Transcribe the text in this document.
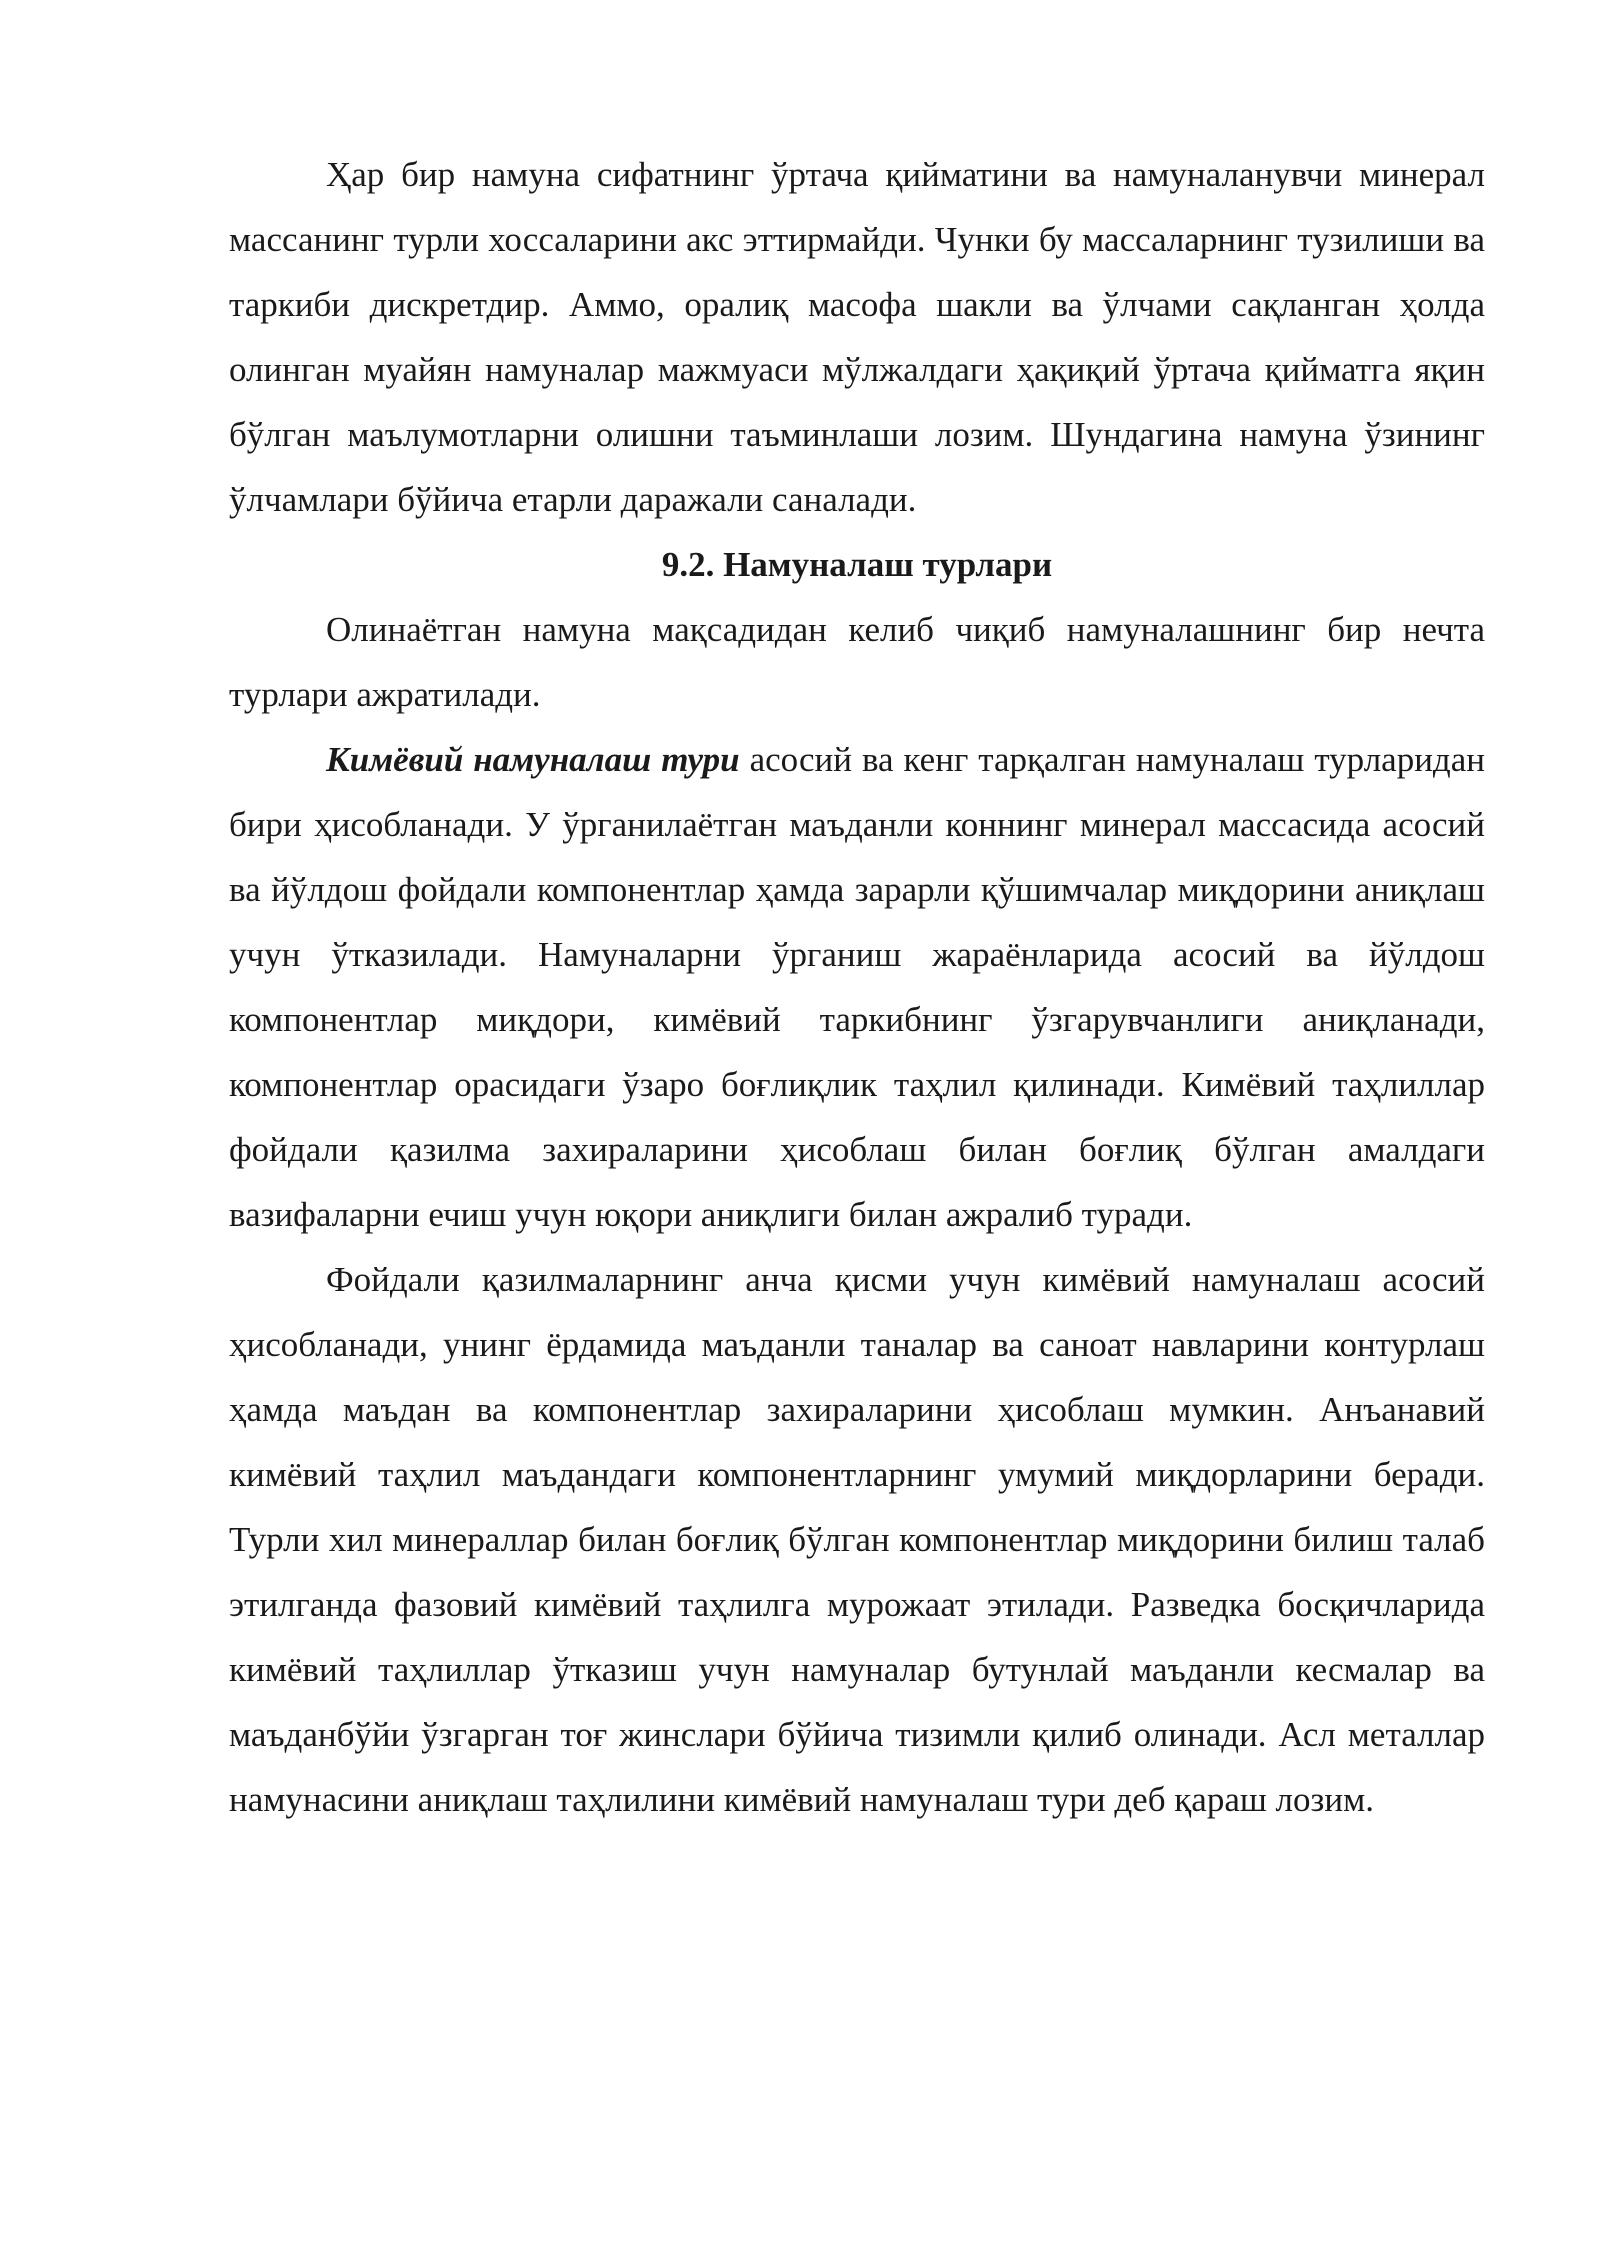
Ҳар бир намуна сифатнинг ўртача қийматини ва намуналанувчи минерал массанинг турли хоссаларини акс эттирмайди. Чунки бу массаларнинг тузилиши ва таркиби дискретдир. Аммо, оралиқ масофа шакли ва ўлчами сақланган ҳолда олинган муайян намуналар мажмуаси мўлжалдаги ҳақиқий ўртача қийматга яқин бўлган маълумотларни олишни таъминлаши лозим. Шундагина намуна ўзининг ўлчамлари бўйича етарли даражали саналади.

9.2. Намуналаш турлари

Олинаётган намуна мақсадидан келиб чиқиб намуналашнинг бир нечта турлари ажратилади.

Кимёвий намуналаш тури асосий ва кенг тарқалган намуналаш турларидан бири ҳисобланади. У ўрганилаётган маъданли коннинг минерал массасида асосий ва йўлдош фойдали компонентлар ҳамда зарарли қўшимчалар миқдорини аниқлаш учун ўтказилади. Намуналарни ўрганиш жараёнларида асосий ва йўлдош компонентлар миқдори, кимёвий таркибнинг ўзгарувчанлиги аниқланади, компонентлар орасидаги ўзаро боғлиқлик таҳлил қилинади. Кимёвий таҳлиллар фойдали қазилма захираларини ҳисоблаш билан боғлиқ бўлган амалдаги вазифаларни ечиш учун юқори аниқлиги билан ажралиб туради.

Фойдали қазилмаларнинг анча қисми учун кимёвий намуналаш асосий ҳисобланади, унинг ёрдамида маъданли таналар ва саноат навларини контурлаш ҳамда маъдан ва компонентлар захираларини ҳисоблаш мумкин. Анъанавий кимёвий таҳлил маъдандаги компонентларнинг умумий миқдорларини беради. Турли хил минераллар билан боғлиқ бўлган компонентлар миқдорини билиш талаб этилганда фазовий кимёвий таҳлилга мурожаат этилади. Разведка босқичларида кимёвий таҳлиллар ўтказиш учун намуналар бутунлай маъданли кесмалар ва маъданбўйи ўзгарган тоғ жинслари бўйича тизимли қилиб олинади. Асл металлар намунасини аниқлаш таҳлилини кимёвий намуналаш тури деб қараш лозим.
